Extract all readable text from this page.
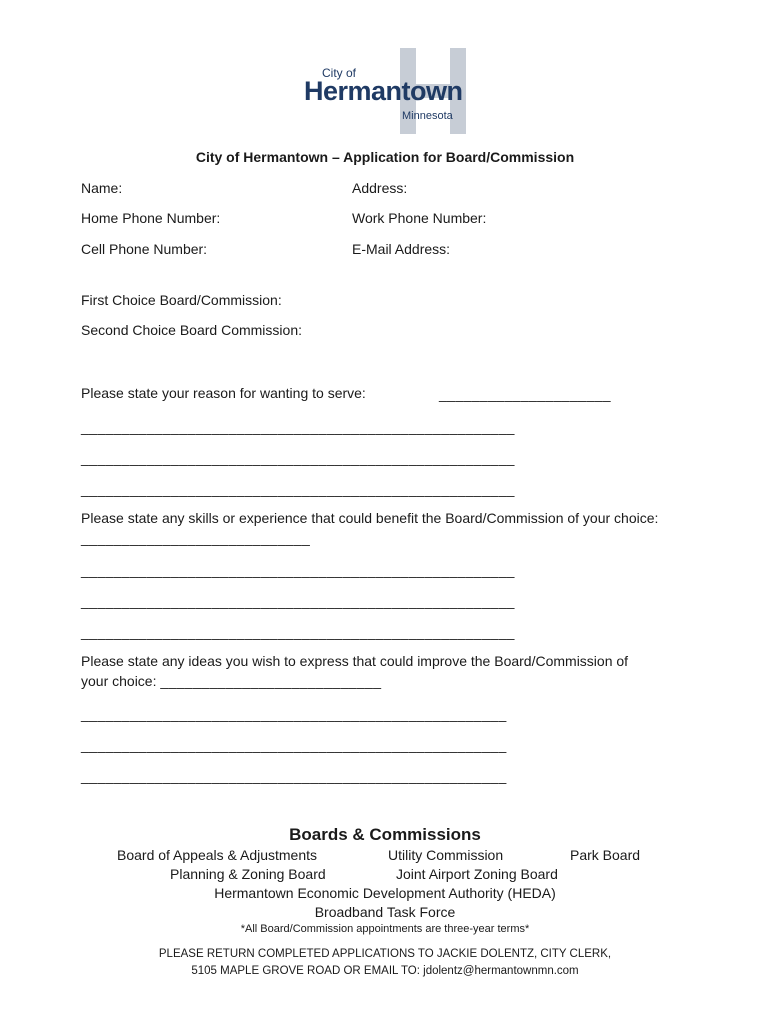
City of
Hermantown
Minnesota
City of Hermantown – Application for Board/Commission
Name:	Address:
Home Phone Number:	Work Phone Number:
Cell Phone Number:	E-Mail Address:
First Choice Board/Commission:
Second Choice Board Commission:
Please state your reason for wanting to serve:	_____________________
_____________________________________________________
_____________________________________________________
_____________________________________________________
Please state any skills or experience that could benefit the Board/Commission of your choice: ____________________________
_____________________________________________________
_____________________________________________________
_____________________________________________________
Please state any ideas you wish to express that could improve the Board/Commission of your choice: ___________________________
____________________________________________________
____________________________________________________
____________________________________________________
Boards & Commissions
Board of Appeals & Adjustments	Utility Commission	Park Board
Planning & Zoning Board	Joint Airport Zoning Board
Hermantown Economic Development Authority (HEDA)
Broadband Task Force
*All Board/Commission appointments are three-year terms*
PLEASE RETURN COMPLETED APPLICATIONS TO JACKIE DOLENTZ, CITY CLERK,
5105 MAPLE GROVE ROAD OR EMAIL TO: jdolentz@hermantownmn.com
